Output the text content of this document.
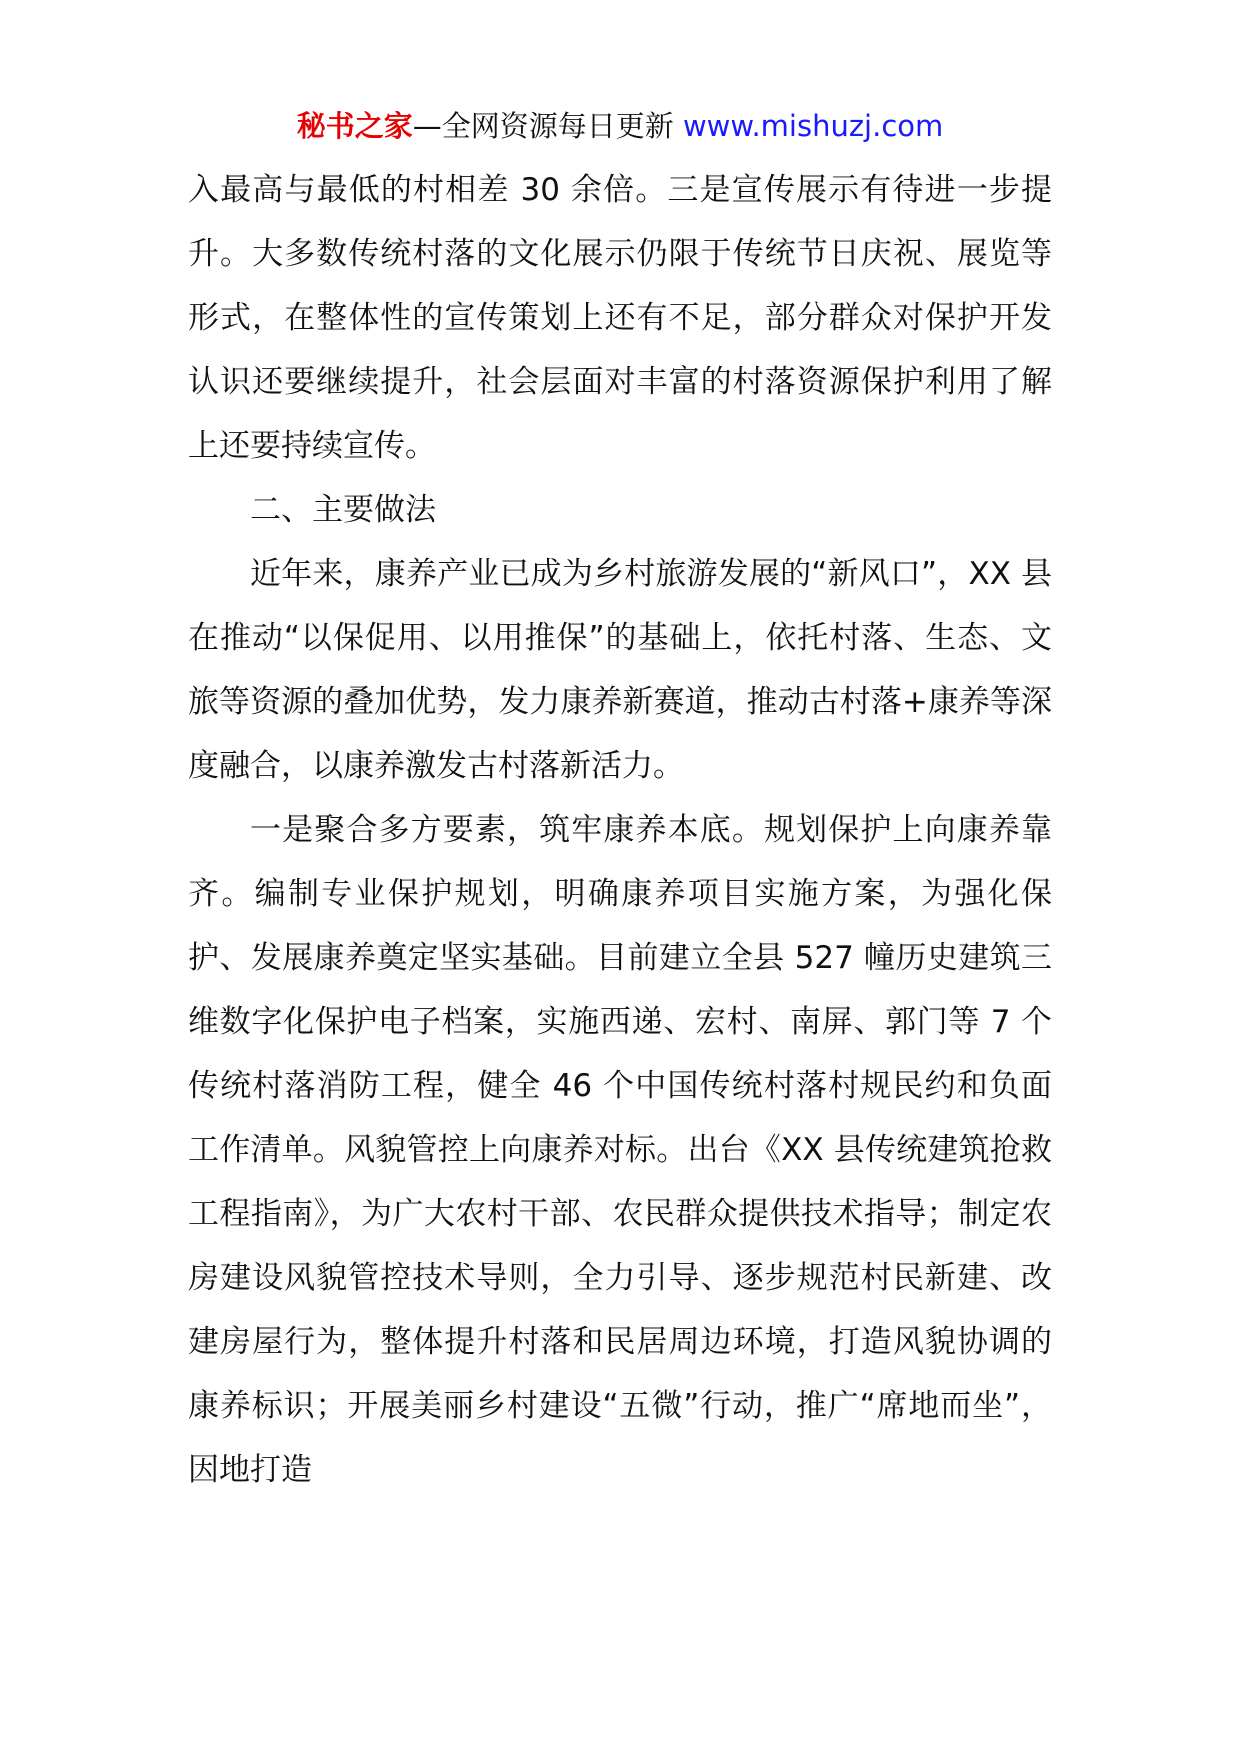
秘书之家—全网资源每日更新 www.mishuzj.com

入最高与最低的村相差 30 余倍。三是宣传展示有待进一步提升。大多数传统村落的文化展示仍限于传统节日庆祝、展览等形式，在整体性的宣传策划上还有不足，部分群众对保护开发认识还要继续提升，社会层面对丰富的村落资源保护利用了解上还要持续宣传。

二、主要做法

近年来，康养产业已成为乡村旅游发展的“新风口”，XX 县在推动“以保促用、以用推保”的基础上，依托村落、生态、文旅等资源的叠加优势，发力康养新赛道，推动古村落+康养等深度融合，以康养激发古村落新活力。

一是聚合多方要素，筑牢康养本底。规划保护上向康养靠齐。编制专业保护规划，明确康养项目实施方案，为强化保护、发展康养奠定坚实基础。目前建立全县 527 幢历史建筑三维数字化保护电子档案，实施西递、宏村、南屏、郭门等 7 个传统村落消防工程，健全 46 个中国传统村落村规民约和负面工作清单。风貌管控上向康养对标。出台《XX 县传统建筑抢救工程指南》，为广大农村干部、农民群众提供技术指导；制定农房建设风貌管控技术导则，全力引导、逐步规范村民新建、改建房屋行为，整体提升村落和民居周边环境，打造风貌协调的康养标识；开展美丽乡村建设“五微”行动，推广“席地而坐”，因地打造
